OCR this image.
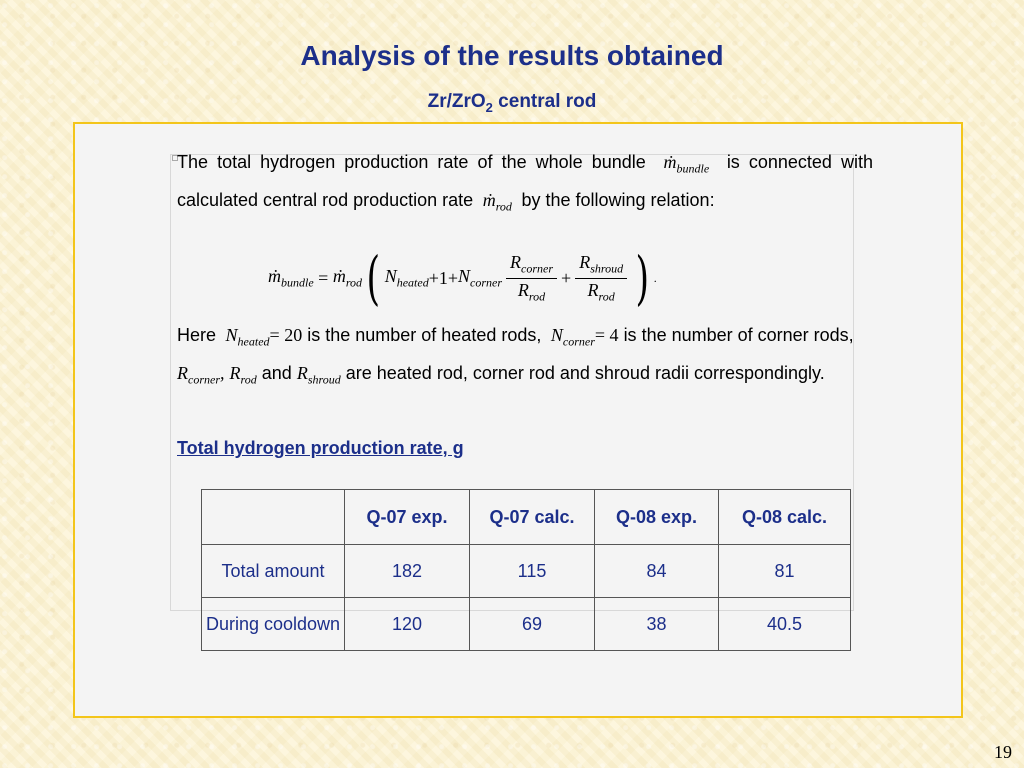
Analysis of the results obtained
Zr/ZrO$_2$ central rod
The total hydrogen production rate of the whole bundle  ṁ$_{bundle}$ is connected with calculated central rod production rate  ṁ$_{rod}$ by the following relation:
ṁ$_{bundle}$ = ṁ$_{rod}$ ( $N_{heated} +1+ N_{corner} \frac{R_{corner}}{R_{rod}} + \frac{R_{shroud}}{R_{rod}}$ ) .
Here  $N_{heated}= 20$ is the number of heated rods,  $N_{corner}= 4$ is the number of corner rods, $R_{corner}$, $R_{rod}$ and $R_{shroud}$ are heated rod, corner rod and shroud radii correspondingly.
Total hydrogen production rate, g
	Q-07 exp.	Q-07 calc.	Q-08 exp.	Q-08 calc.
Total amount	182	115	84	81
During cooldown	120	69	38	40.5
19
